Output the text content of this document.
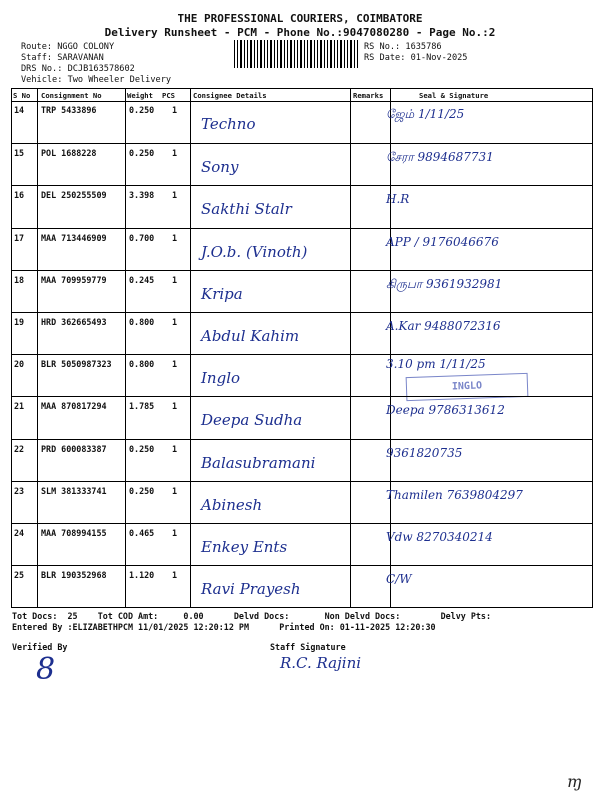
THE PROFESSIONAL COURIERS, COIMBATORE
Delivery Runsheet - PCM - Phone No.:9047080280 - Page No.:2
Route: NGGO COLONY
Staff: SARAVANAN
DRS No.: DCJB163578602
Vehicle: Two Wheeler Delivery
RS No.: 1635786
RS Date: 01-Nov-2025
S No Consignment No	Weight PCS	Consignee Details	Remarks	Seal & Signature
14 TRP 5433896	0.250 1
Techno
ஜேம் 1/11/25
15 POL 1688228	0.250 1
Sony
சேரா 9894687731
16 DEL 250255509	3.398 1
Sakthi Stalr
H.R
17 MAA 713446909	0.700 1
J.O.b. (Vinoth)
APP / 9176046676
18 MAA 709959779	0.245 1
Kripa
கிருபா 9361932981
19 HRD 362665493	0.800 1
Abdul Kahim
A.Kar 9488072316
20 BLR 5050987323 0.800 1
Inglo
3.10 pm 1/11/25
INGLO
21 MAA 870817294	1.785 1
Deepa Sudha
Deepa 9786313612
22 PRD 600083387	0.250 1
Balasubramani
9361820735
23 SLM 381333741	0.250 1
Abinesh
Thamilen 7639804297
24 MAA 708994155	0.465 1
Enkey Ents
Vdw 8270340214
25 BLR 190352968	1.120 1
Ravi Prayesh
C/W
Tot Docs:  25    Tot COD Amt:     0.00      Delvd Docs:       Non Delvd Docs:        Delvy Pts:
Entered By :ELIZABETHPCM 11/01/2025 12:20:12 PM      Printed On: 01-11-2025 12:20:30
Verified By	Staff Signature
8	R.C. Rajini
ɱ
